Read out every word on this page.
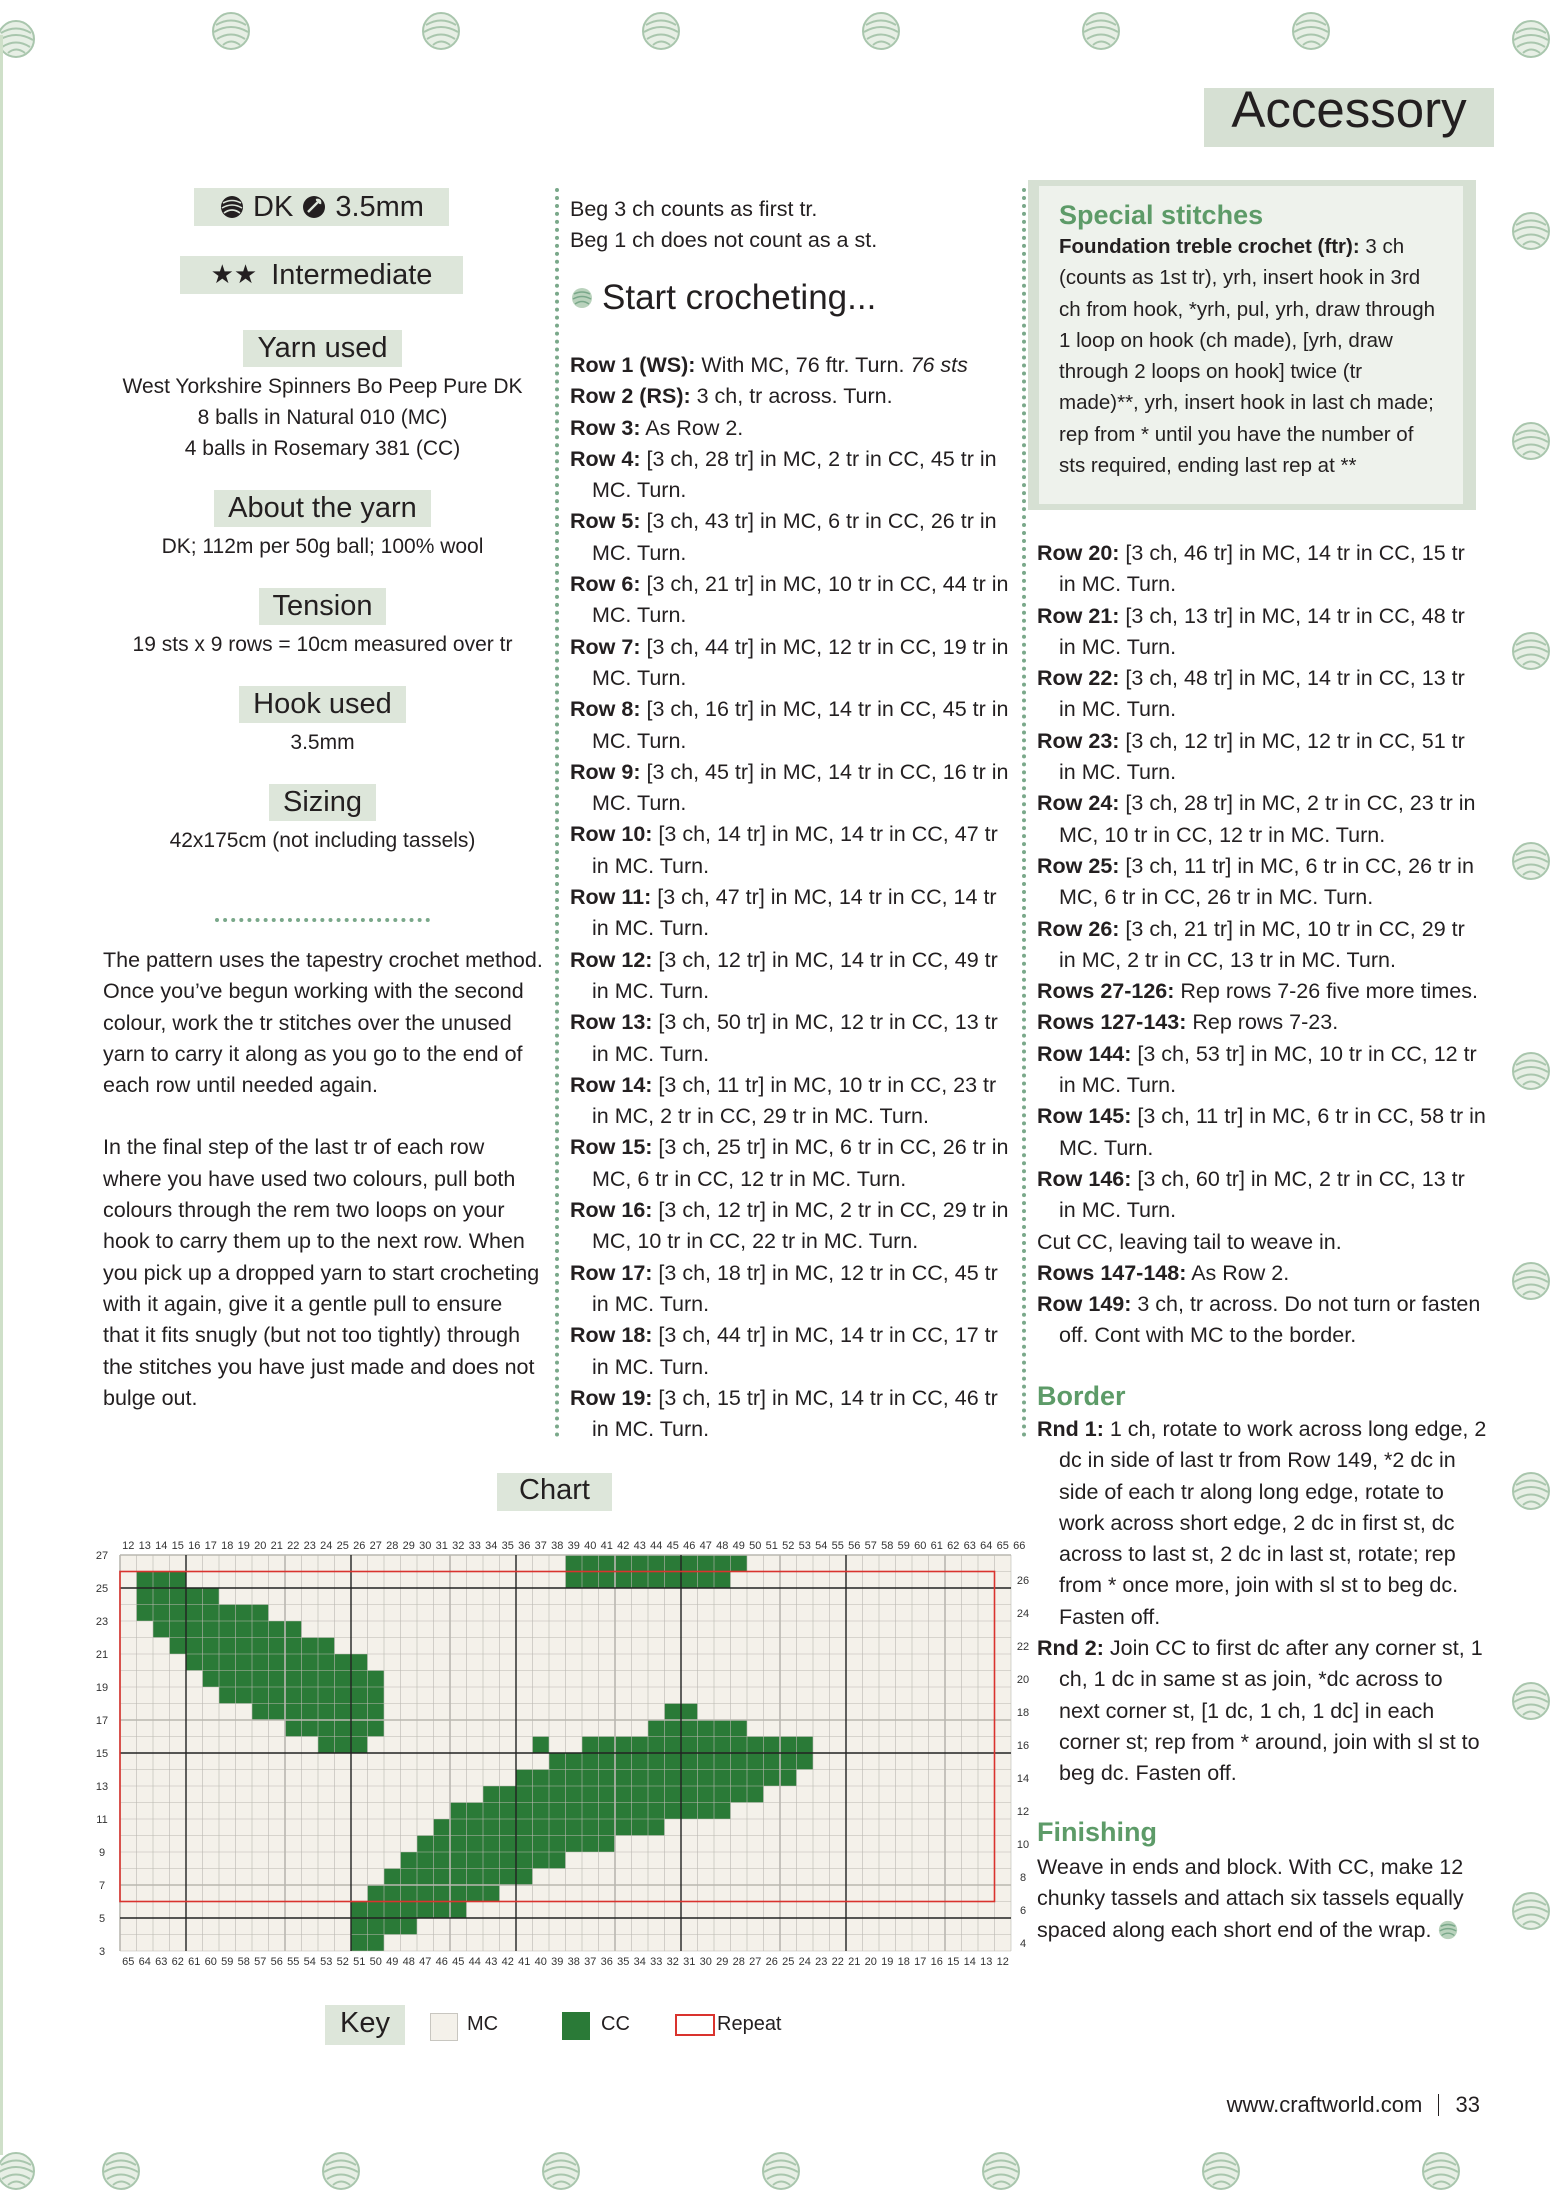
Accessory
DK 3.5mm
★★ Intermediate
Yarn used
West Yorkshire Spinners Bo Peep Pure DK
8 balls in Natural 010 (MC)
4 balls in Rosemary 381 (CC)
About the yarn
DK; 112m per 50g ball; 100% wool
Tension
19 sts x 9 rows = 10cm measured over tr
Hook used
3.5mm
Sizing
42x175cm (not including tassels)
The pattern uses the tapestry crochet method. Once you’ve begun working with the second colour, work the tr stitches over the unused yarn to carry it along as you go to the end of each row until needed again.
In the final step of the last tr of each row where you have used two colours, pull both colours through the rem two loops on your hook to carry them up to the next row. When you pick up a dropped yarn to start crocheting with it again, give it a gentle pull to ensure that it fits snugly (but not too tightly) through the stitches you have just made and does not bulge out.
Beg 3 ch counts as first tr.
Beg 1 ch does not count as a st.
Start crocheting...
Row 1 (WS): With MC, 76 ftr. Turn. 76 sts
Row 2 (RS): 3 ch, tr across. Turn.
Row 3: As Row 2.
Row 4: [3 ch, 28 tr] in MC, 2 tr in CC, 45 tr in MC. Turn.
Row 5: [3 ch, 43 tr] in MC, 6 tr in CC, 26 tr in MC. Turn.
Row 6: [3 ch, 21 tr] in MC, 10 tr in CC, 44 tr in MC. Turn.
Row 7: [3 ch, 44 tr] in MC, 12 tr in CC, 19 tr in MC. Turn.
Row 8: [3 ch, 16 tr] in MC, 14 tr in CC, 45 tr in MC. Turn.
Row 9: [3 ch, 45 tr] in MC, 14 tr in CC, 16 tr in MC. Turn.
Row 10: [3 ch, 14 tr] in MC, 14 tr in CC, 47 tr in MC. Turn.
Row 11: [3 ch, 47 tr] in MC, 14 tr in CC, 14 tr in MC. Turn.
Row 12: [3 ch, 12 tr] in MC, 14 tr in CC, 49 tr in MC. Turn.
Row 13: [3 ch, 50 tr] in MC, 12 tr in CC, 13 tr in MC. Turn.
Row 14: [3 ch, 11 tr] in MC, 10 tr in CC, 23 tr in MC, 2 tr in CC, 29 tr in MC. Turn.
Row 15: [3 ch, 25 tr] in MC, 6 tr in CC, 26 tr in MC, 6 tr in CC, 12 tr in MC. Turn.
Row 16: [3 ch, 12 tr] in MC, 2 tr in CC, 29 tr in MC, 10 tr in CC, 22 tr in MC. Turn.
Row 17: [3 ch, 18 tr] in MC, 12 tr in CC, 45 tr in MC. Turn.
Row 18: [3 ch, 44 tr] in MC, 14 tr in CC, 17 tr in MC. Turn.
Row 19: [3 ch, 15 tr] in MC, 14 tr in CC, 46 tr in MC. Turn.
Special stitches
Foundation treble crochet (ftr): 3 ch (counts as 1st tr), yrh, insert hook in 3rd ch from hook, *yrh, pul, yrh, draw through 1 loop on hook (ch made), [yrh, draw through 2 loops on hook] twice (tr made)**, yrh, insert hook in last ch made; rep from * until you have the number of sts required, ending last rep at **
Row 20: [3 ch, 46 tr] in MC, 14 tr in CC, 15 tr in MC. Turn.
Row 21: [3 ch, 13 tr] in MC, 14 tr in CC, 48 tr in MC. Turn.
Row 22: [3 ch, 48 tr] in MC, 14 tr in CC, 13 tr in MC. Turn.
Row 23: [3 ch, 12 tr] in MC, 12 tr in CC, 51 tr in MC. Turn.
Row 24: [3 ch, 28 tr] in MC, 2 tr in CC, 23 tr in MC, 10 tr in CC, 12 tr in MC. Turn.
Row 25: [3 ch, 11 tr] in MC, 6 tr in CC, 26 tr in MC, 6 tr in CC, 26 tr in MC. Turn.
Row 26: [3 ch, 21 tr] in MC, 10 tr in CC, 29 tr in MC, 2 tr in CC, 13 tr in MC. Turn.
Rows 27-126: Rep rows 7-26 five more times.
Rows 127-143: Rep rows 7-23.
Row 144: [3 ch, 53 tr] in MC, 10 tr in CC, 12 tr in MC. Turn.
Row 145: [3 ch, 11 tr] in MC, 6 tr in CC, 58 tr in MC. Turn.
Row 146: [3 ch, 60 tr] in MC, 2 tr in CC, 13 tr in MC. Turn.
Cut CC, leaving tail to weave in.
Rows 147-148: As Row 2.
Row 149: 3 ch, tr across. Do not turn or fasten off. Cont with MC to the border.
Border
Rnd 1: 1 ch, rotate to work across long edge, 2 dc in side of last tr from Row 149, *2 dc in side of each tr along long edge, rotate to work across short edge, 2 dc in first st, dc across to last st, 2 dc in last st, rotate; rep from * once more, join with sl st to beg dc. Fasten off.
Rnd 2: Join CC to first dc after any corner st, 1 ch, 1 dc in same st as join, *dc across to next corner st, [1 dc, 1 ch, 1 dc] in each corner st; rep from * around, join with sl st to beg dc. Fasten off.
Finishing
Weave in ends and block. With CC, make 12 chunky tassels and attach six tassels equally spaced along each short end of the wrap.
Chart
12 13 14 15 16 17 18 19 20 21 22 23 24 25 26 27 28 29 30 31 32 33 34 35 36 37 38 39 40 41 42 43 44 45 46 47 48 49 50 51 52 53 54 55 56 57 58 59 60 61 62 63 64 65 66
65 64 63 62 61 60 59 58 57 56 55 54 53 52 51 50 49 48 47 46 45 44 43 42 41 40 39 38 37 36 35 34 33 32 31 30 29 28 27 26 25 24 23 22 21 20 19 18 17 16 15 14 13 12
27
25
23
21
19
17
15
13
11
9
7
5
3
26
24
22
20
18
16
14
12
10
8
6
4
Key	MC	CC	Repeat
www.craftworld.com 33
